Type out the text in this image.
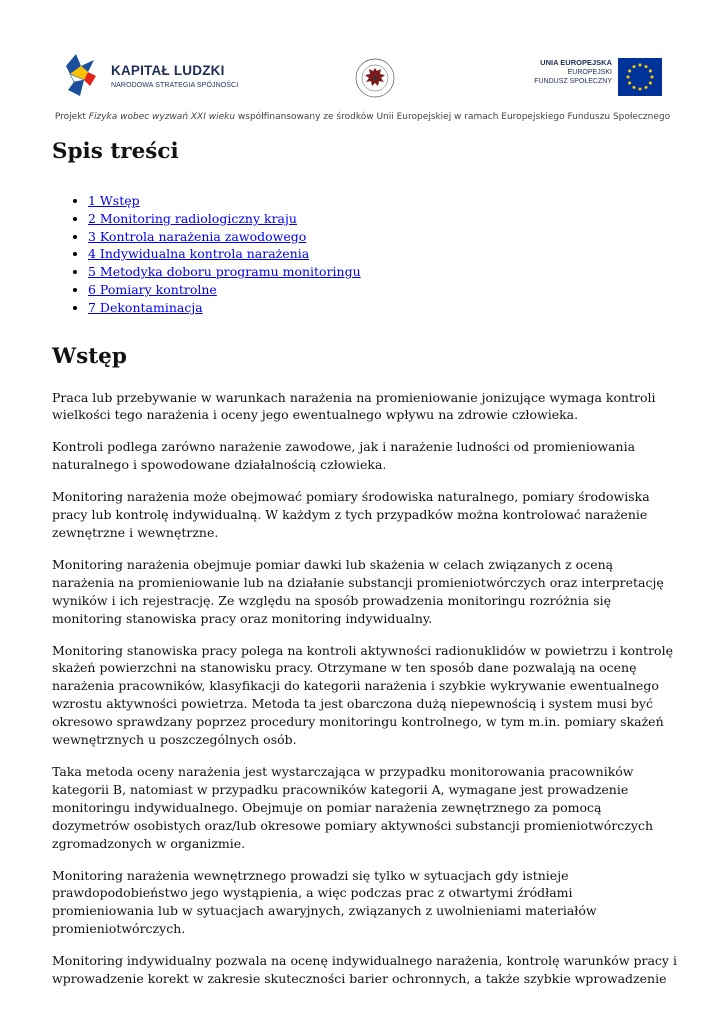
KAPITAŁ LUDZKI
NARODOWA STRATEGIA SPÓJNOŚCI
UNIA EUROPEJSKA
EUROPEJSKI
FUNDUSZ SPOŁECZNY
Projekt Fizyka wobec wyzwań XXI wieku współfinansowany ze środków Unii Europejskiej w ramach Europejskiego Funduszu Społecznego
Spis treści
• 1 Wstęp
• 2 Monitoring radiologiczny kraju
• 3 Kontrola narażenia zawodowego
• 4 Indywidualna kontrola narażenia
• 5 Metodyka doboru programu monitoringu
• 6 Pomiary kontrolne
• 7 Dekontaminacja
Wstęp

Praca lub przebywanie w warunkach narażenia na promieniowanie jonizujące wymaga kontroli wielkości tego narażenia i oceny jego ewentualnego wpływu na zdrowie człowieka.

Kontroli podlega zarówno narażenie zawodowe, jak i narażenie ludności od promieniowania naturalnego i spowodowane działalnością człowieka.

Monitoring narażenia może obejmować pomiary środowiska naturalnego, pomiary środowiska pracy lub kontrolę indywidualną. W każdym z tych przypadków można kontrolować narażenie zewnętrzne i wewnętrzne.

Monitoring narażenia obejmuje pomiar dawki lub skażenia w celach związanych z oceną narażenia na promieniowanie lub na działanie substancji promieniotwórczych oraz interpretację wyników i ich rejestrację. Ze względu na sposób prowadzenia monitoringu rozróżnia się monitoring stanowiska pracy oraz monitoring indywidualny.

Monitoring stanowiska pracy polega na kontroli aktywności radionuklidów w powietrzu i kontrolę skażeń powierzchni na stanowisku pracy. Otrzymane w ten sposób dane pozwalają na ocenę narażenia pracowników, klasyfikacji do kategorii narażenia i szybkie wykrywanie ewentualnego wzrostu aktywności powietrza. Metoda ta jest obarczona dużą niepewnością i system musi być okresowo sprawdzany poprzez procedury monitoringu kontrolnego, w tym m.in. pomiary skażeń wewnętrznych u poszczególnych osób.

Taka metoda oceny narażenia jest wystarczająca w przypadku monitorowania pracowników kategorii B, natomiast w przypadku pracowników kategorii A, wymagane jest prowadzenie monitoringu indywidualnego. Obejmuje on pomiar narażenia zewnętrznego za pomocą dozymetrów osobistych oraz/lub okresowe pomiary aktywności substancji promieniotwórczych zgromadzonych w organizmie.

Monitoring narażenia wewnętrznego prowadzi się tylko w sytuacjach gdy istnieje prawdopodobieństwo jego wystąpienia, a więc podczas prac z otwartymi źródłami promieniowania lub w sytuacjach awaryjnych, związanych z uwolnieniami materiałów promieniotwórczych.

Monitoring indywidualny pozwala na ocenę indywidualnego narażenia, kontrolę warunków pracy i wprowadzenie korekt w zakresie skuteczności barier ochronnych, a także szybkie wprowadzenie
